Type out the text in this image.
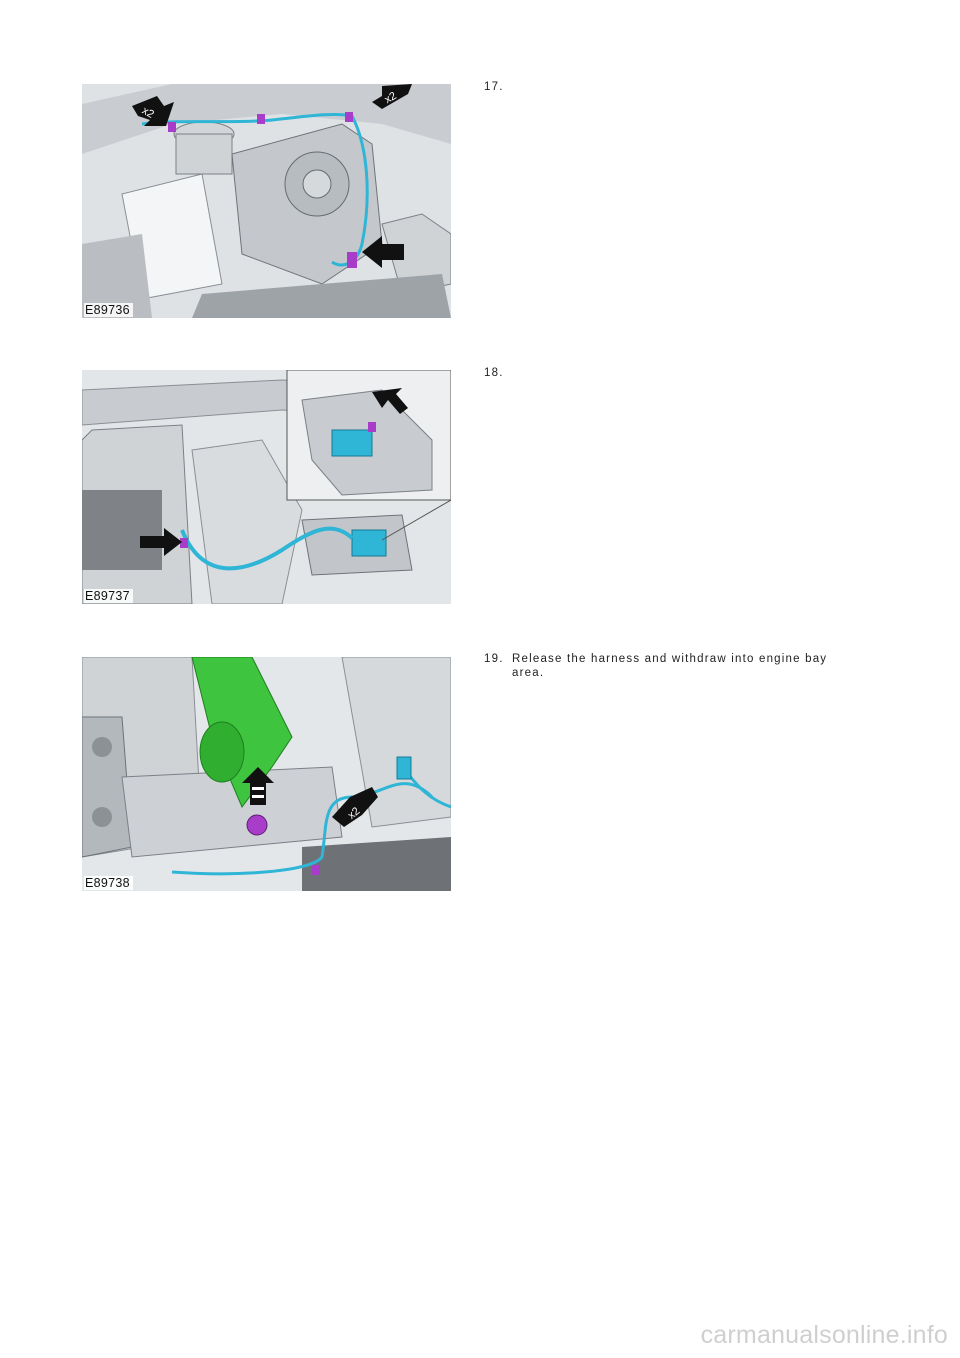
x2
x2
E89736
E89737
x2
E89738
17.
18.
19. Release the harness and withdraw into engine bay area.
carmanualsonline.info
